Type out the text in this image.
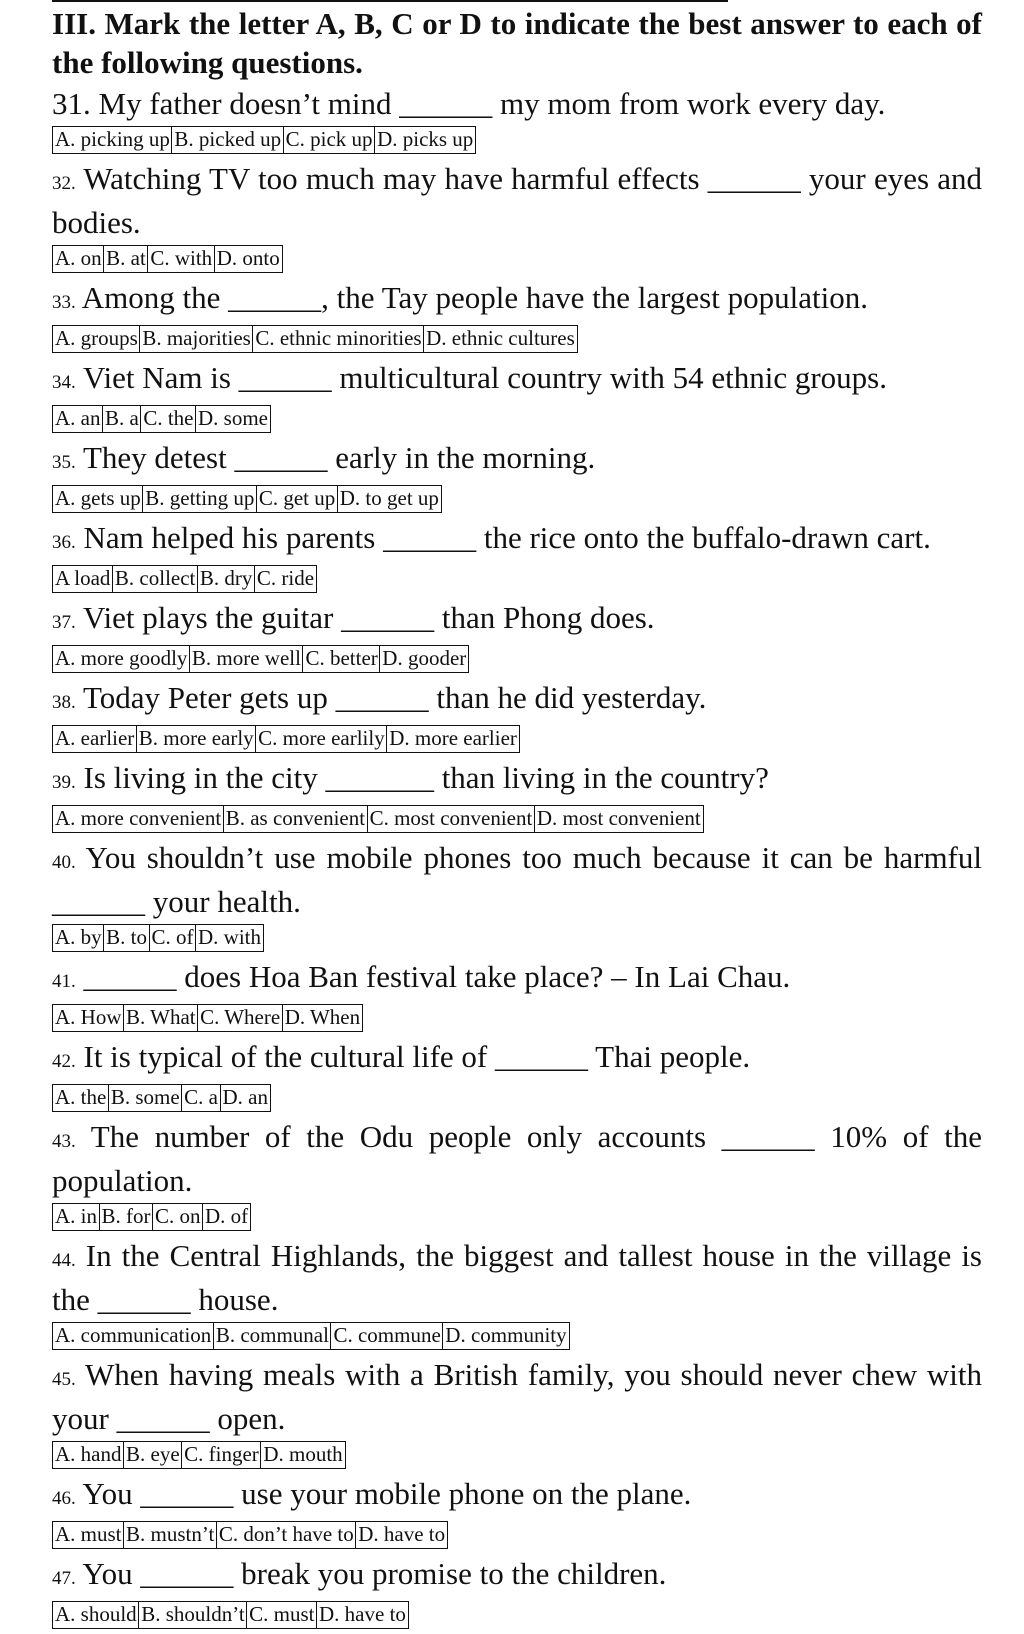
III. Mark the letter A, B, C or D to indicate the best answer to each of the following questions.

31. My father doesn’t mind ______ my mom from work every day.

A. picking up B. picked up C. pick up D. picks up

32. Watching TV too much may have harmful effects ______ your eyes and bodies.

A. on B. at C. with D. onto

33. Among the ______, the Tay people have the largest population.

A. groups B. majorities C. ethnic minorities D. ethnic cultures

34. Viet Nam is ______ multicultural country with 54 ethnic groups.

A. an B. a C. the D. some

35. They detest ______ early in the morning.

A. gets up B. getting up C. get up D. to get up

36. Nam helped his parents ______ the rice onto the buffalo-drawn cart.

A load B. collect B. dry C. ride

37. Viet plays the guitar ______ than Phong does.

A. more goodly B. more well C. better D. gooder

38. Today Peter gets up ______ than he did yesterday.

A. earlier B. more early C. more earlily D. more earlier

39. Is living in the city _______ than living in the country?

A. more convenient B. as convenient C. most convenient D. most convenient

40. You shouldn’t use mobile phones too much because it can be harmful ______ your health.

A. by B. to C. of D. with

41. ______ does Hoa Ban festival take place? – In Lai Chau.

A. How B. What C. Where D. When

42. It is typical of the cultural life of ______ Thai people.

A. the B. some C. a D. an

43. The number of the Odu people only accounts ______ 10% of the population.

A. in B. for C. on D. of

44. In the Central Highlands, the biggest and tallest house in the village is the ______ house.

A. communication B. communal C. commune D. community

45. When having meals with a British family, you should never chew with your ______ open.

A. hand B. eye C. finger D. mouth

46. You ______ use your mobile phone on the plane.

A. must B. mustn’t C. don’t have to D. have to

47. You ______ break you promise to the children.

A. should B. shouldn’t C. must D. have to
